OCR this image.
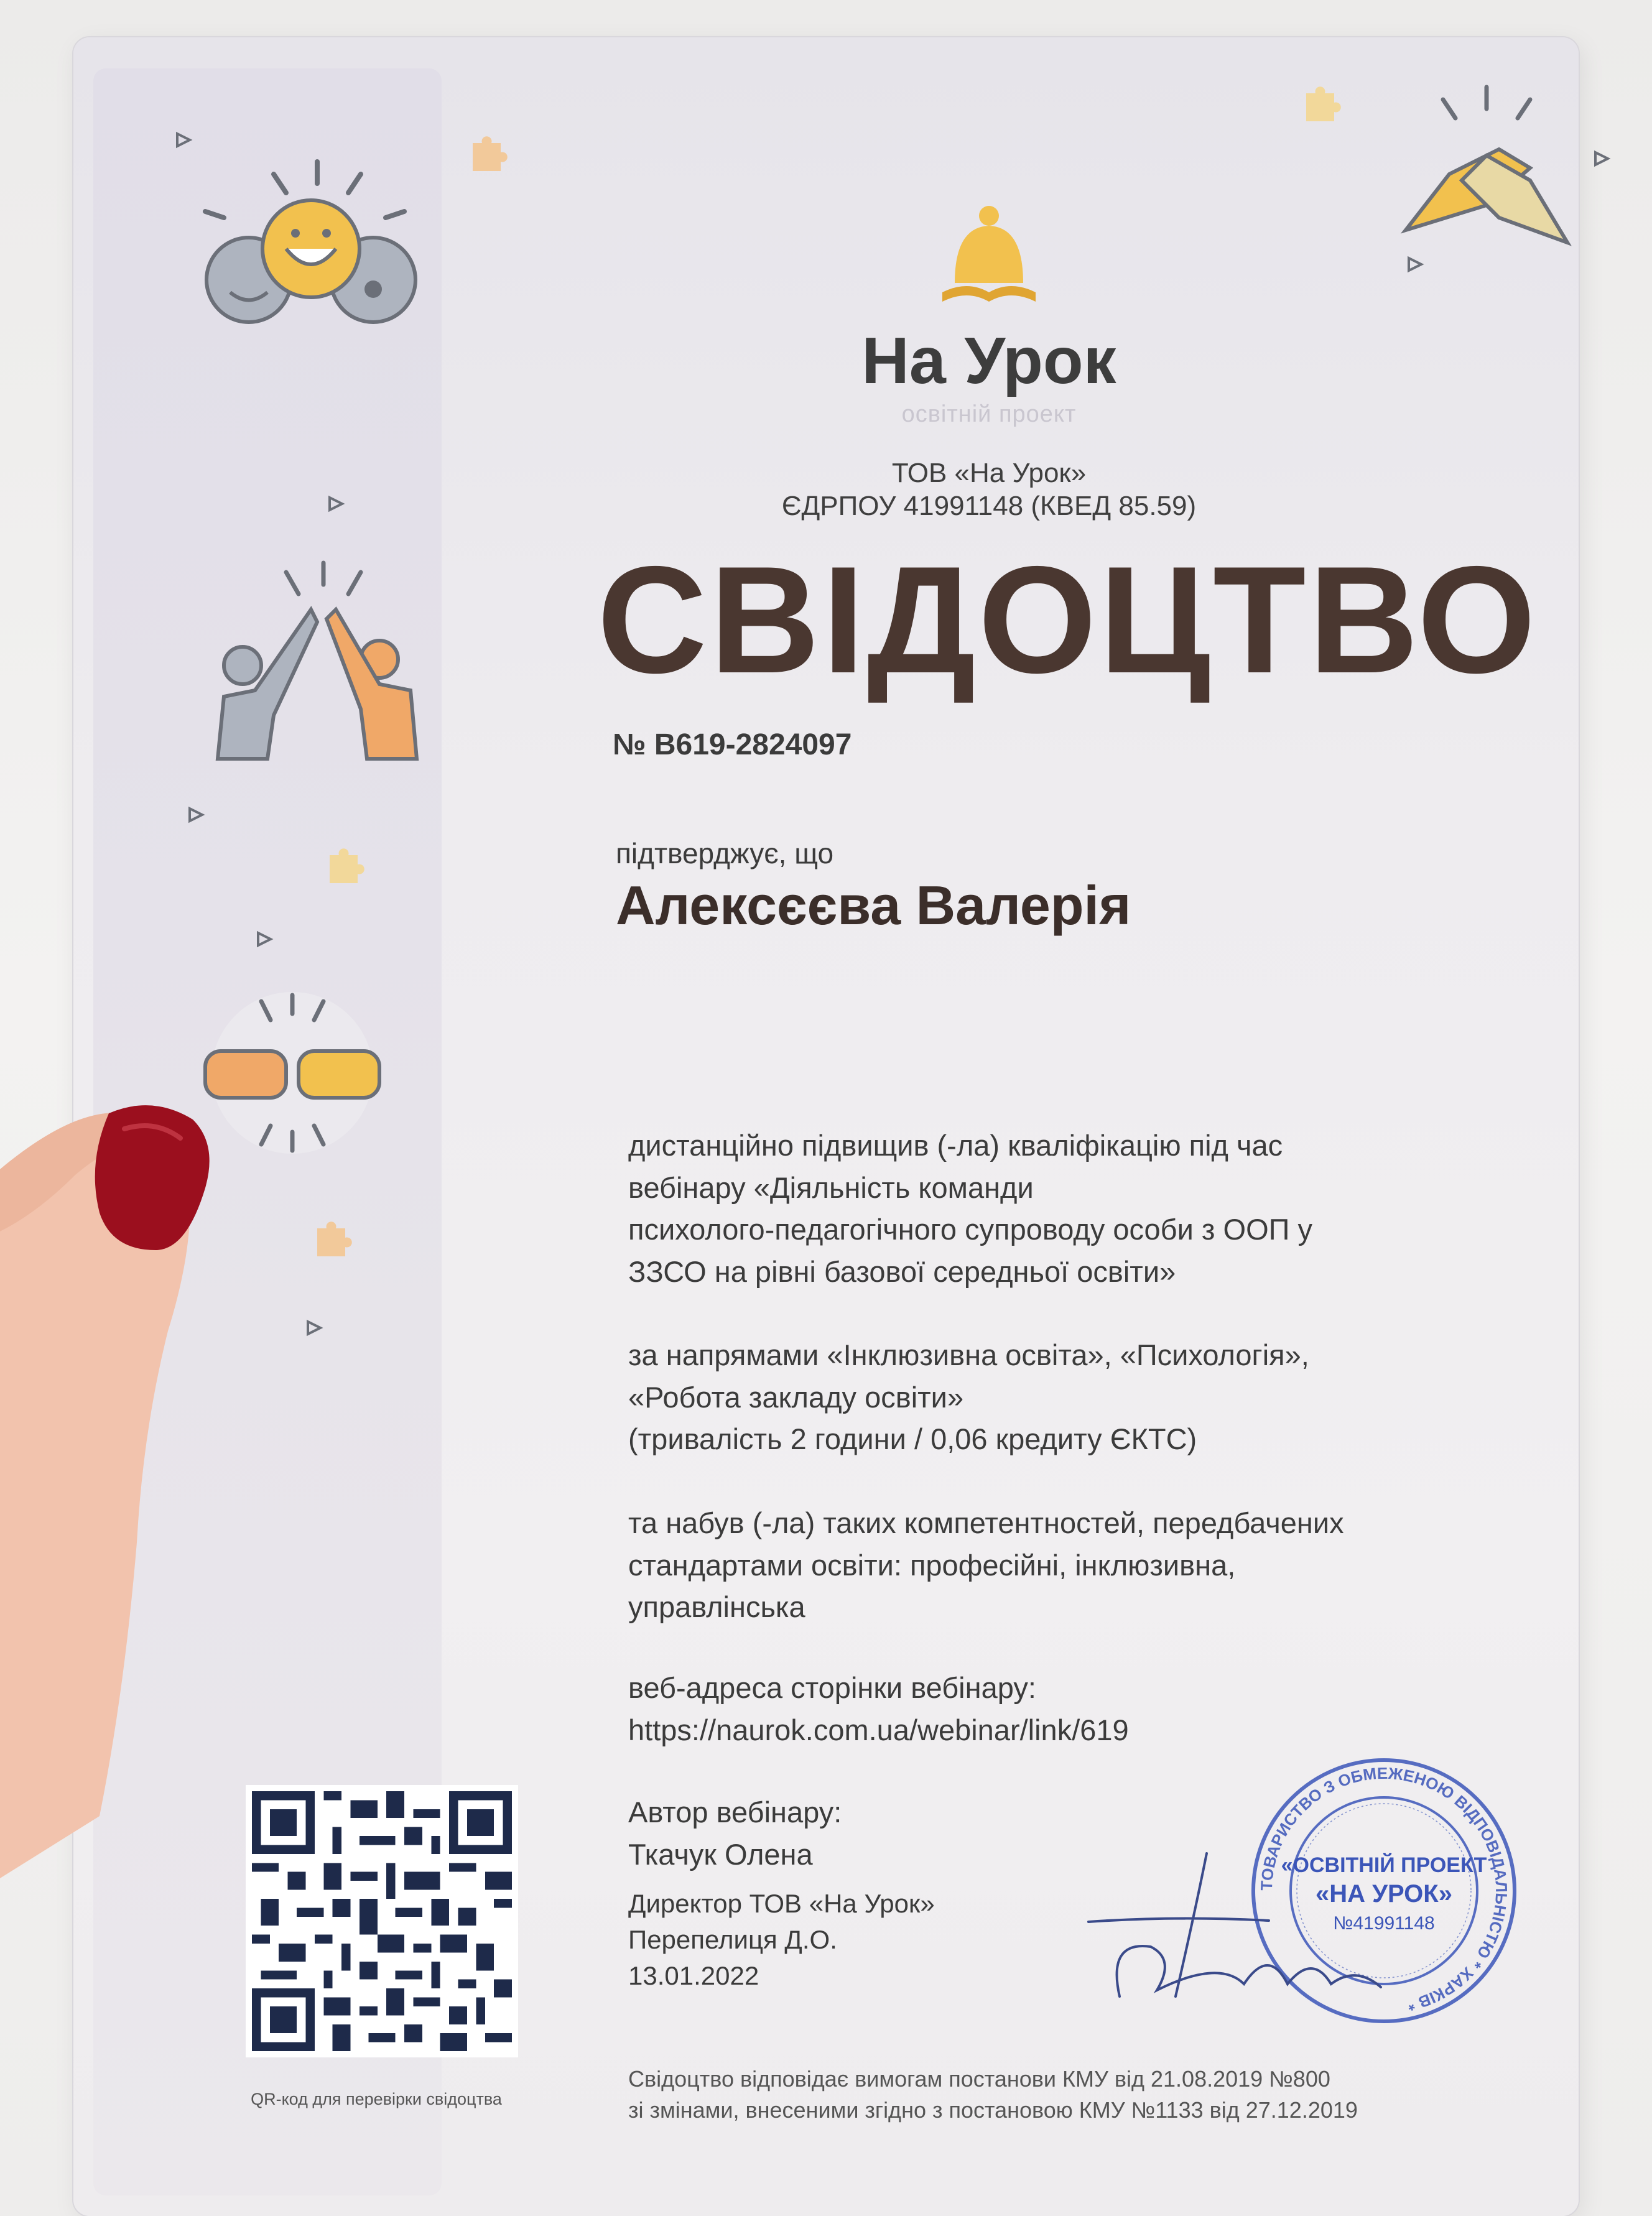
На Урок
освітній проект
ТОВ «На Урок»
ЄДРПОУ 41991148 (КВЕД 85.59)
СВІДОЦТВО
№ В619-2824097
підтверджує, що
Алексєєва Валерія
дистанційно підвищив (-ла) кваліфікацію під час
вебінару «Діяльність команди
психолого-педагогічного супроводу особи з ООП у
ЗЗСО на рівні базової середньої освіти»
за напрямами «Інклюзивна освіта», «Психологія»,
«Робота закладу освіти»
(тривалість 2 години / 0,06 кредиту ЄКТС)
та набув (-ла) таких компетентностей, передбачених
стандартами освіти: професійні, інклюзивна,
управлінська
веб-адреса сторінки вебінару:
https://naurok.com.ua/webinar/link/619
Автор вебінару:
Ткачук Олена
Директор ТОВ «На Урок»
Перепелиця Д.О.
13.01.2022
QR-код для перевірки свідоцтва
ТОВАРИСТВО З ОБМЕЖЕНОЮ ВІДПОВІДАЛЬНІСТЮ * ХАРКІВ *
«ОСВІТНІЙ ПРОЕКТ
«НА УРОК»
№41991148
Свідоцтво відповідає вимогам постанови КМУ від 21.08.2019 №800
зі змінами, внесеними згідно з постановою КМУ №1133 від 27.12.2019
